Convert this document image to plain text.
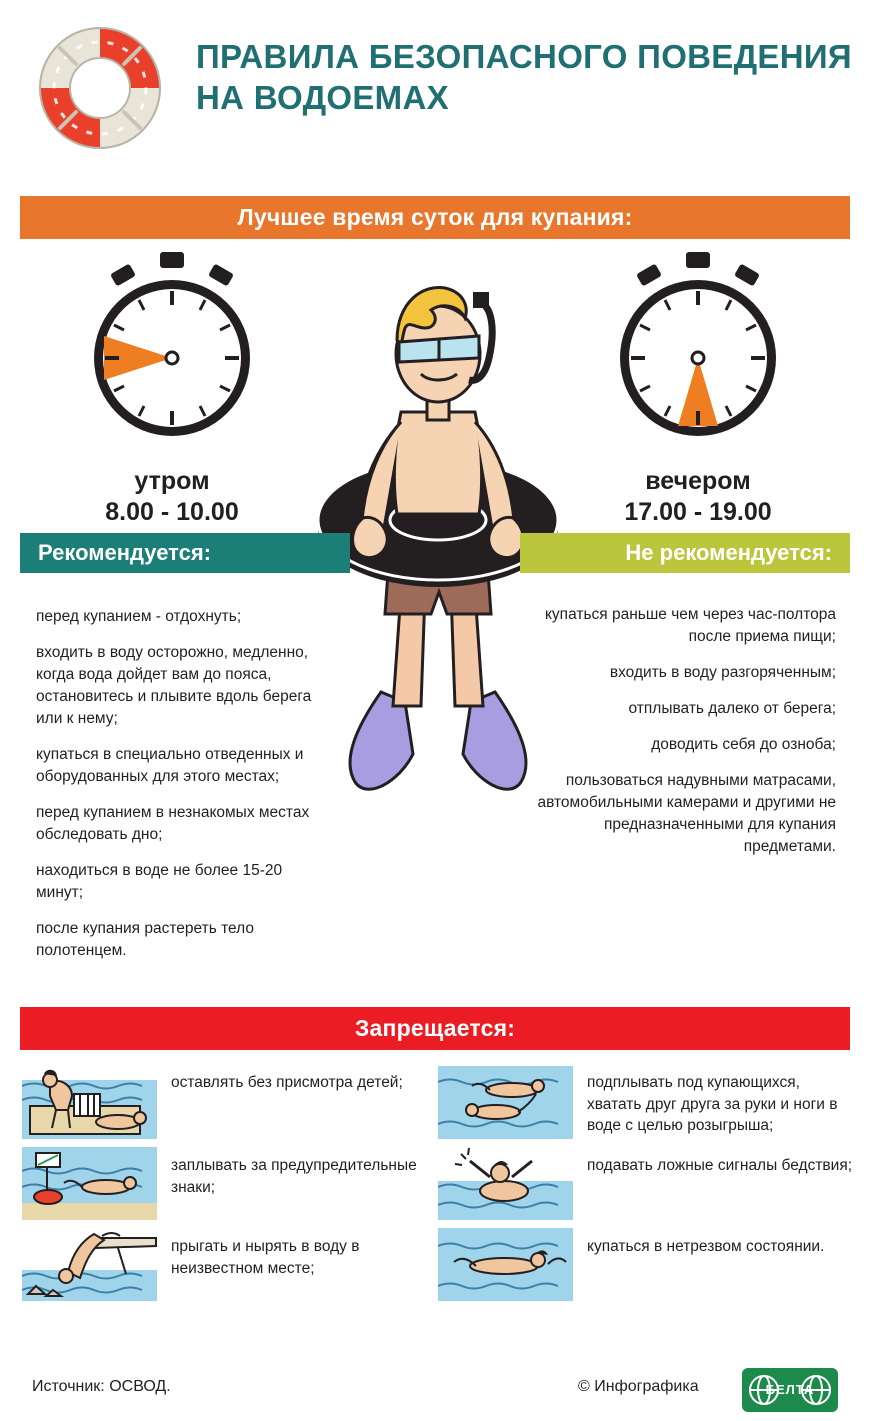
ПРАВИЛА БЕЗОПАСНОГО ПОВЕДЕНИЯ НА ВОДОЕМАХ
Лучшее время суток для купания:
утром
8.00 - 10.00
вечером
17.00 - 19.00
Рекомендуется:	Не рекомендуется:

перед купанием - отдохнуть;

входить в воду осторожно, медленно, когда вода дойдет вам до пояса, остановитесь и плывите вдоль берега или к нему;

купаться в специально отведенных и оборудованных для этого местах;

перед купанием в незнакомых местах обследовать дно;

находиться в воде не более 15-20 минут;

после купания растереть тело полотенцем.

купаться раньше чем через час-полтора после приема пищи;

входить в воду разгоряченным;

отплывать далеко от берега;

доводить себя до озноба;

пользоваться надувными матрасами, автомобильными камерами и другими не предназначенными для купания предметами.

Запрещается:
оставлять без присмотра детей;
заплывать за предупредительные знаки;
прыгать и нырять в воду в неизвестном месте;
подплывать под купающихся, хватать друг друга за руки и ноги в воде с целью розыгрыша;
подавать ложные сигналы бедствия;
купаться в нетрезвом состоянии.
Источник: ОСВОД.	© Инфографика	БЕЛТА
